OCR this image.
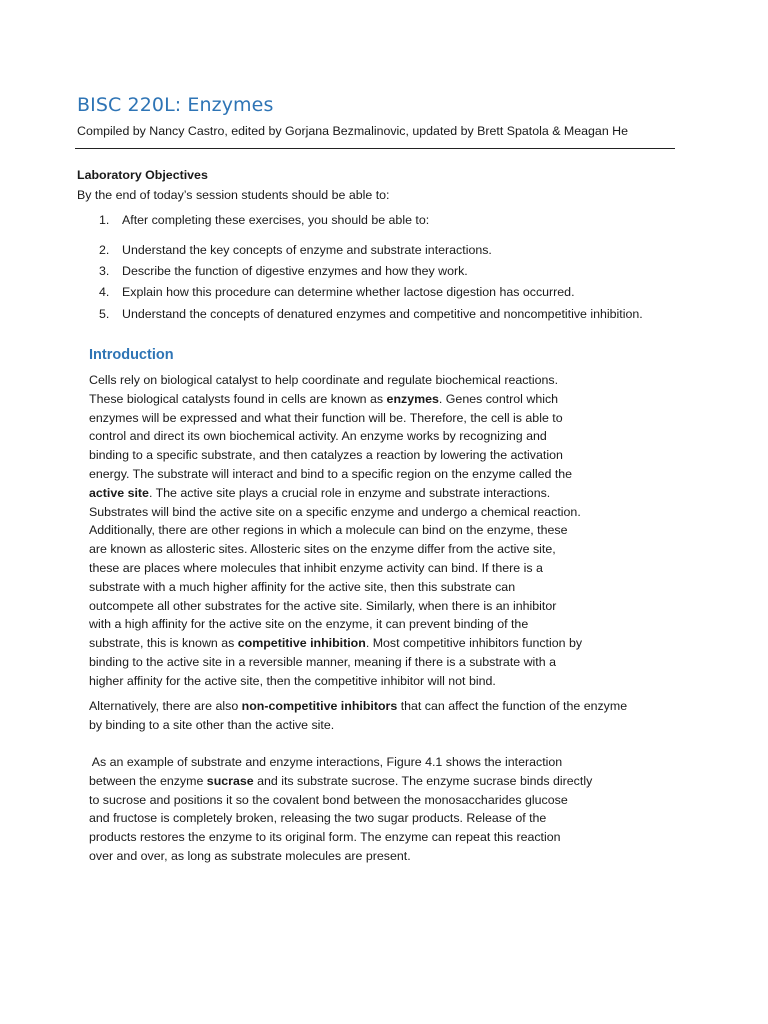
BISC 220L: Enzymes
Compiled by Nancy Castro, edited by Gorjana Bezmalinovic, updated by Brett Spatola & Meagan He
Laboratory Objectives
By the end of today’s session students should be able to:
1.	After completing these exercises, you should be able to:
2.	Understand the key concepts of enzyme and substrate interactions.
3.	Describe the function of digestive enzymes and how they work.
4.	Explain how this procedure can determine whether lactose digestion has occurred.
5.	Understand the concepts of denatured enzymes and competitive and noncompetitive inhibition.
Introduction
Cells rely on biological catalyst to help coordinate and regulate biochemical reactions.
These biological catalysts found in cells are known as enzymes. Genes control which
enzymes will be expressed and what their function will be. Therefore, the cell is able to
control and direct its own biochemical activity. An enzyme works by recognizing and
binding to a specific substrate, and then catalyzes a reaction by lowering the activation
energy. The substrate will interact and bind to a specific region on the enzyme called the
active site. The active site plays a crucial role in enzyme and substrate interactions.
Substrates will bind the active site on a specific enzyme and undergo a chemical reaction.
Additionally, there are other regions in which a molecule can bind on the enzyme, these
are known as allosteric sites. Allosteric sites on the enzyme differ from the active site,
these are places where molecules that inhibit enzyme activity can bind. If there is a
substrate with a much higher affinity for the active site, then this substrate can
outcompete all other substrates for the active site. Similarly, when there is an inhibitor
with a high affinity for the active site on the enzyme, it can prevent binding of the
substrate, this is known as competitive inhibition. Most competitive inhibitors function by
binding to the active site in a reversible manner, meaning if there is a substrate with a
higher affinity for the active site, then the competitive inhibitor will not bind.
Alternatively, there are also non-competitive inhibitors that can affect the function of the enzyme
by binding to a site other than the active site.
As an example of substrate and enzyme interactions, Figure 4.1 shows the interaction
between the enzyme sucrase and its substrate sucrose. The enzyme sucrase binds directly
to sucrose and positions it so the covalent bond between the monosaccharides glucose
and fructose is completely broken, releasing the two sugar products. Release of the
products restores the enzyme to its original form. The enzyme can repeat this reaction
over and over, as long as substrate molecules are present.
